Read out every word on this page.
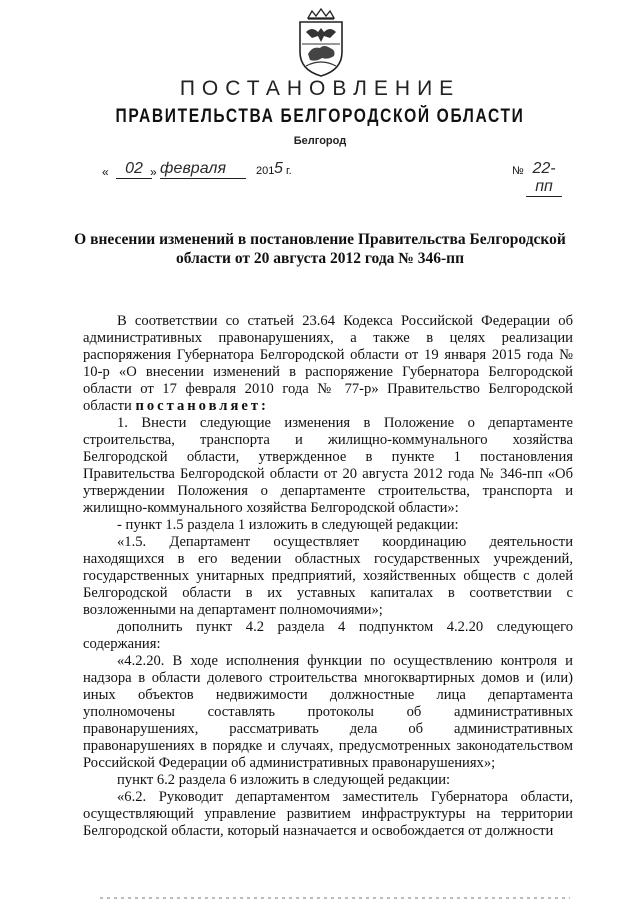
ПОСТАНОВЛЕНИЕ
ПРАВИТЕЛЬСТВА БЕЛГОРОДСКОЙ ОБЛАСТИ
Белгород
«	02 » февраля	201 5 г.	№ 22-пп
О внесении изменений в постановление Правительства Белгородской области от 20 августа 2012 года № 346-пп

В соответствии со статьей 23.64 Кодекса Российской Федерации об административных правонарушениях, а также в целях реализации распоряжения Губернатора Белгородской области от 19 января 2015 года № 10-р «О внесении изменений в распоряжение Губернатора Белгородской области от 17 февраля 2010 года № 77-р» Правительство Белгородской области постановляет:

1. Внести следующие изменения в Положение о департаменте строительства, транспорта и жилищно-коммунального хозяйства Белгородской области, утвержденное в пункте 1 постановления Правительства Белгородской области от 20 августа 2012 года № 346-пп «Об утверждении Положения о департаменте строительства, транспорта и жилищно-коммунального хозяйства Белгородской области»:

- пункт 1.5 раздела 1 изложить в следующей редакции:

«1.5. Департамент осуществляет координацию деятельности находящихся в его ведении областных государственных учреждений, государственных унитарных предприятий, хозяйственных обществ с долей Белгородской области в их уставных капиталах в соответствии с возложенными на департамент полномочиями»;

дополнить пункт 4.2 раздела 4 подпунктом 4.2.20 следующего содержания:

«4.2.20. В ходе исполнения функции по осуществлению контроля и надзора в области долевого строительства многоквартирных домов и (или) иных объектов недвижимости должностные лица департамента уполномочены составлять протоколы об административных правонарушениях, рассматривать дела об административных правонарушениях в порядке и случаях, предусмотренных законодательством Российской Федерации об административных правонарушениях»;

пункт 6.2 раздела 6 изложить в следующей редакции:

«6.2. Руководит департаментом заместитель Губернатора области, осуществляющий управление развитием инфраструктуры на территории Белгородской области, который назначается и освобождается от должности
